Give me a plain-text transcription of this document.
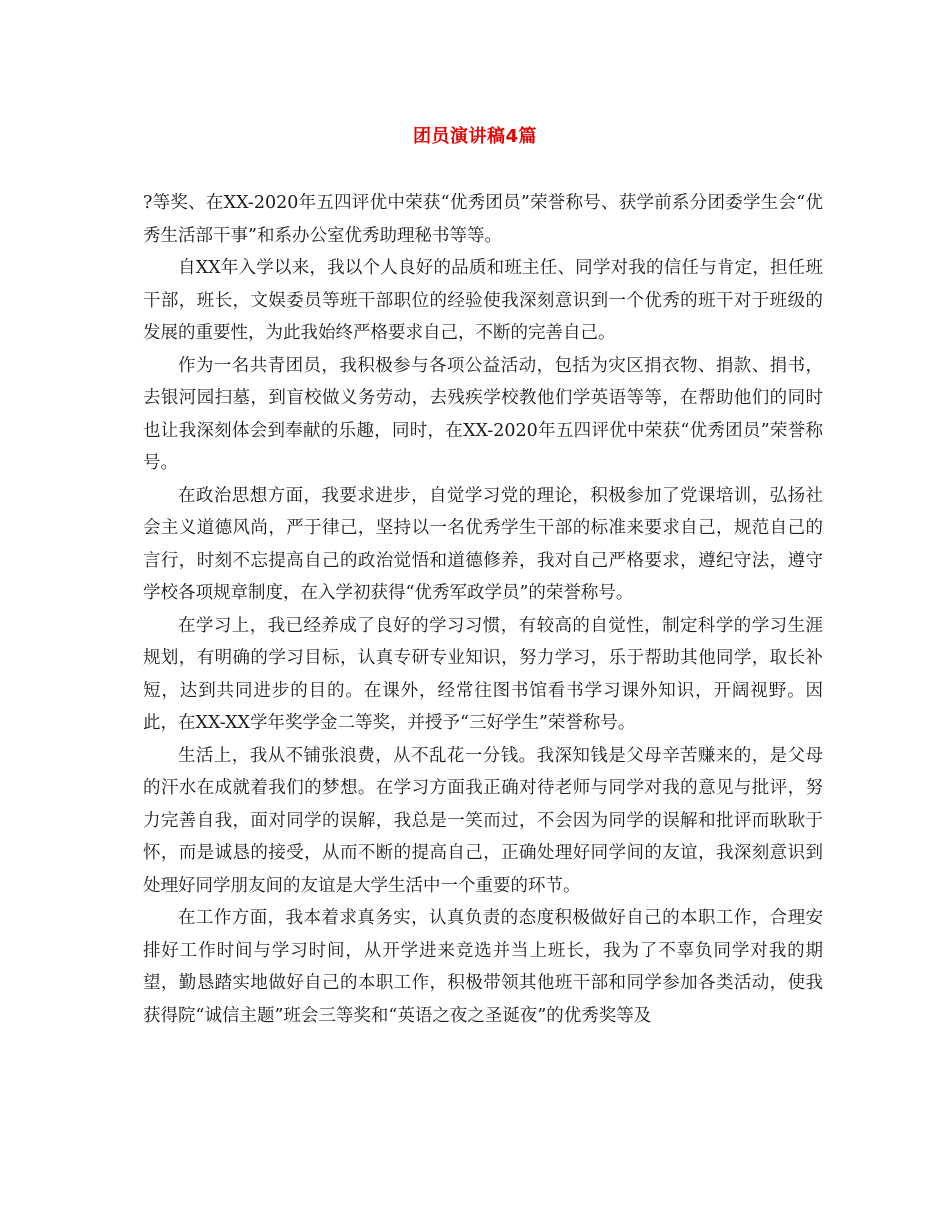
团员演讲稿4篇

?等奖、在XX-2020年五四评优中荣获“优秀团员”荣誉称号、获学前系分团委学生会“优秀生活部干事”和系办公室优秀助理秘书等等。

自XX年入学以来，我以个人良好的品质和班主任、同学对我的信任与肯定，担任班干部，班长，文娱委员等班干部职位的经验使我深刻意识到一个优秀的班干对于班级的发展的重要性，为此我始终严格要求自己，不断的完善自己。

作为一名共青团员，我积极参与各项公益活动，包括为灾区捐衣物、捐款、捐书，去银河园扫墓，到盲校做义务劳动，去残疾学校教他们学英语等等，在帮助他们的同时也让我深刻体会到奉献的乐趣，同时，在XX-2020年五四评优中荣获“优秀团员”荣誉称号。

在政治思想方面，我要求进步，自觉学习党的理论，积极参加了党课培训，弘扬社会主义道德风尚，严于律己，坚持以一名优秀学生干部的标准来要求自己，规范自己的言行，时刻不忘提高自己的政治觉悟和道德修养，我对自己严格要求，遵纪守法，遵守学校各项规章制度，在入学初获得“优秀军政学员”的荣誉称号。

在学习上，我已经养成了良好的学习习惯，有较高的自觉性，制定科学的学习生涯规划，有明确的学习目标，认真专研专业知识，努力学习，乐于帮助其他同学，取长补短，达到共同进步的目的。在课外，经常往图书馆看书学习课外知识，开阔视野。因此，在XX-XX学年奖学金二等奖，并授予“三好学生”荣誉称号。

生活上，我从不铺张浪费，从不乱花一分钱。我深知钱是父母辛苦赚来的，是父母的汗水在成就着我们的梦想。在学习方面我正确对待老师与同学对我的意见与批评，努力完善自我，面对同学的误解，我总是一笑而过，不会因为同学的误解和批评而耿耿于怀，而是诚恳的接受，从而不断的提高自己，正确处理好同学间的友谊，我深刻意识到处理好同学朋友间的友谊是大学生活中一个重要的环节。

在工作方面，我本着求真务实，认真负责的态度积极做好自己的本职工作，合理安排好工作时间与学习时间，从开学进来竞选并当上班长，我为了不辜负同学对我的期望，勤恳踏实地做好自己的本职工作，积极带领其他班干部和同学参加各类活动，使我获得院“诚信主题”班会三等奖和“英语之夜之圣诞夜”的优秀奖等及
